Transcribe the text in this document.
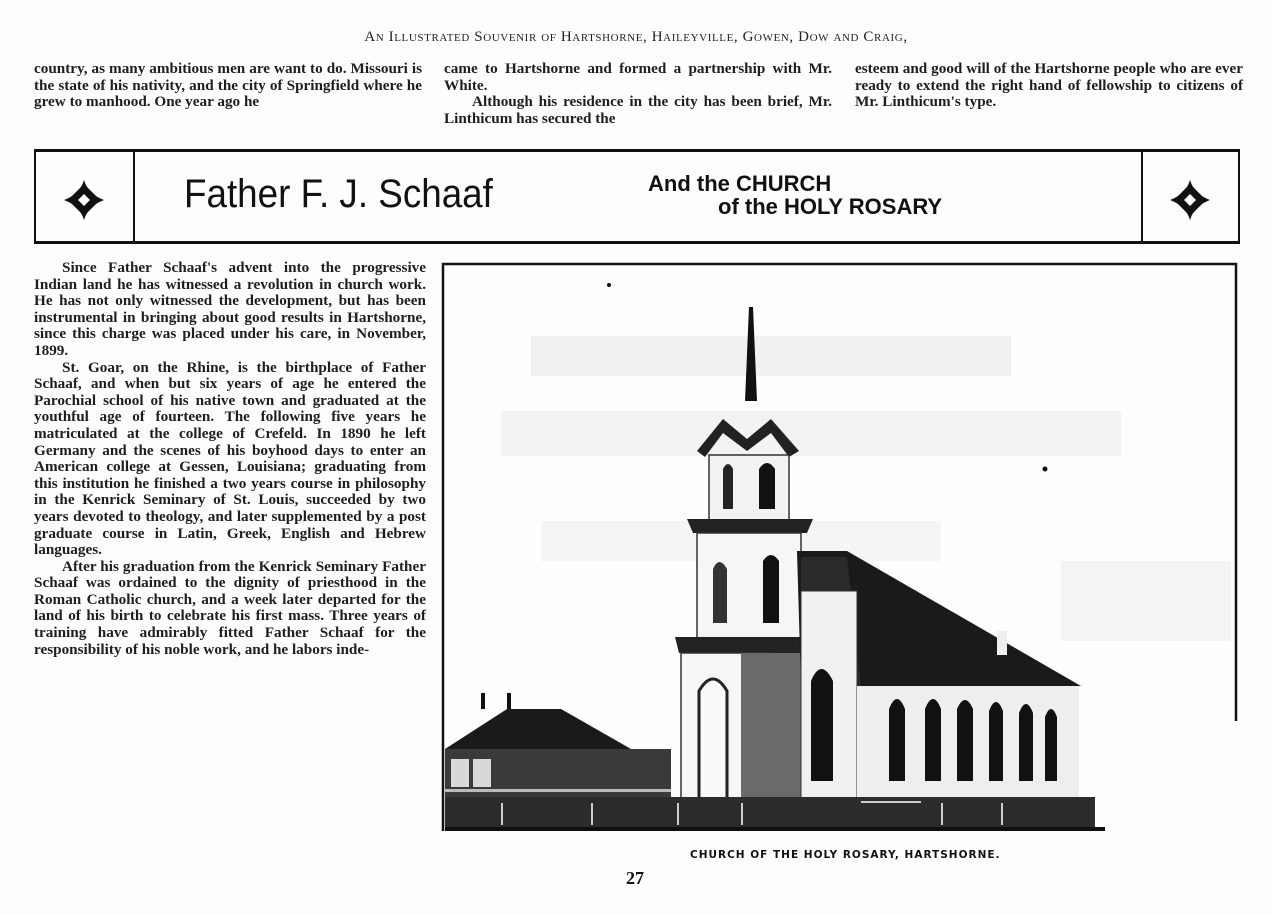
An Illustrated Souvenir of Hartshorne, Haileyville, Gowen, Dow and Craig,

country, as many ambitious men are want to do. Missouri is the state of his nativity, and the city of Springfield where he grew to manhood. One year ago he

came to Hartshorne and formed a partnership with Mr. White.

Although his residence in the city has been brief, Mr. Linthicum has secured the

esteem and good will of the Hartshorne people who are ever ready to extend the right hand of fellowship to citizens of Mr. Linthicum's type.

Father F. J. Schaaf	And the CHURCH
of the HOLY ROSARY

Since Father Schaaf's advent into the progressive Indian land he has witnessed a revolution in church work. He has not only witnessed the development, but has been instrumental in bringing about good results in Hartshorne, since this charge was placed under his care, in November, 1899.

St. Goar, on the Rhine, is the birthplace of Father Schaaf, and when but six years of age he entered the Parochial school of his native town and graduated at the youthful age of fourteen. The following five years he matriculated at the college of Crefeld. In 1890 he left Germany and the scenes of his boyhood days to enter an American college at Gessen, Louisiana; graduating from this institution he finished a two years course in philosophy in the Kenrick Seminary of St. Louis, succeeded by two years devoted to theology, and later supplemented by a post graduate course in Latin, Greek, English and Hebrew languages.

After his graduation from the Kenrick Seminary Father Schaaf was ordained to the dignity of priesthood in the Roman Catholic church, and a week later departed for the land of his birth to celebrate his first mass. Three years of training have admirably fitted Father Schaaf for the responsibility of his noble work, and he labors inde-

CHURCH OF THE HOLY ROSARY, HARTSHORNE.
27
